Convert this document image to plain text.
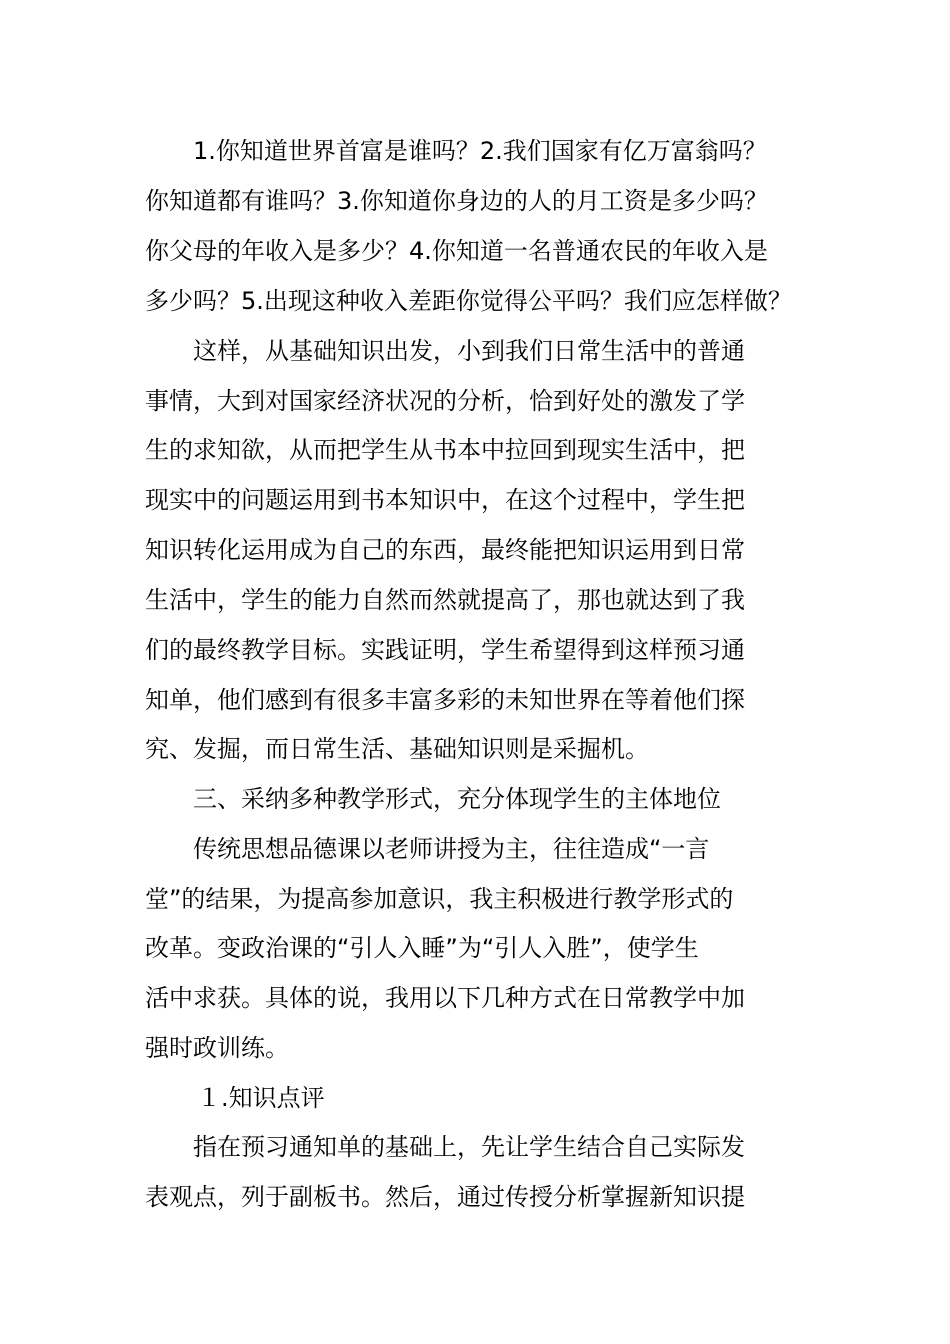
1.你知道世界首富是谁吗？2.我们国家有亿万富翁吗？
你知道都有谁吗？3.你知道你身边的人的月工资是多少吗？
你父母的年收入是多少？4.你知道一名普通农民的年收入是
多少吗？5.出现这种收入差距你觉得公平吗？我们应怎样做？
这样，从基础知识出发，小到我们日常生活中的普通
事情，大到对国家经济状况的分析，恰到好处的激发了学
生的求知欲，从而把学生从书本中拉回到现实生活中，把
现实中的问题运用到书本知识中，在这个过程中，学生把
知识转化运用成为自己的东西，最终能把知识运用到日常
生活中，学生的能力自然而然就提高了，那也就达到了我
们的最终教学目标。实践证明，学生希望得到这样预习通
知单，他们感到有很多丰富多彩的未知世界在等着他们探
究、发掘，而日常生活、基础知识则是采掘机。
三、采纳多种教学形式，充分体现学生的主体地位
传统思想品德课以老师讲授为主，往往造成“一言
堂”的结果，为提高参加意识，我主积极进行教学形式的
改革。变政治课的“引人入睡”为“引人入胜”，使学生
活中求获。具体的说，我用以下几种方式在日常教学中加
强时政训练。
１.知识点评
指在预习通知单的基础上，先让学生结合自己实际发
表观点，列于副板书。然后，通过传授分析掌握新知识提
